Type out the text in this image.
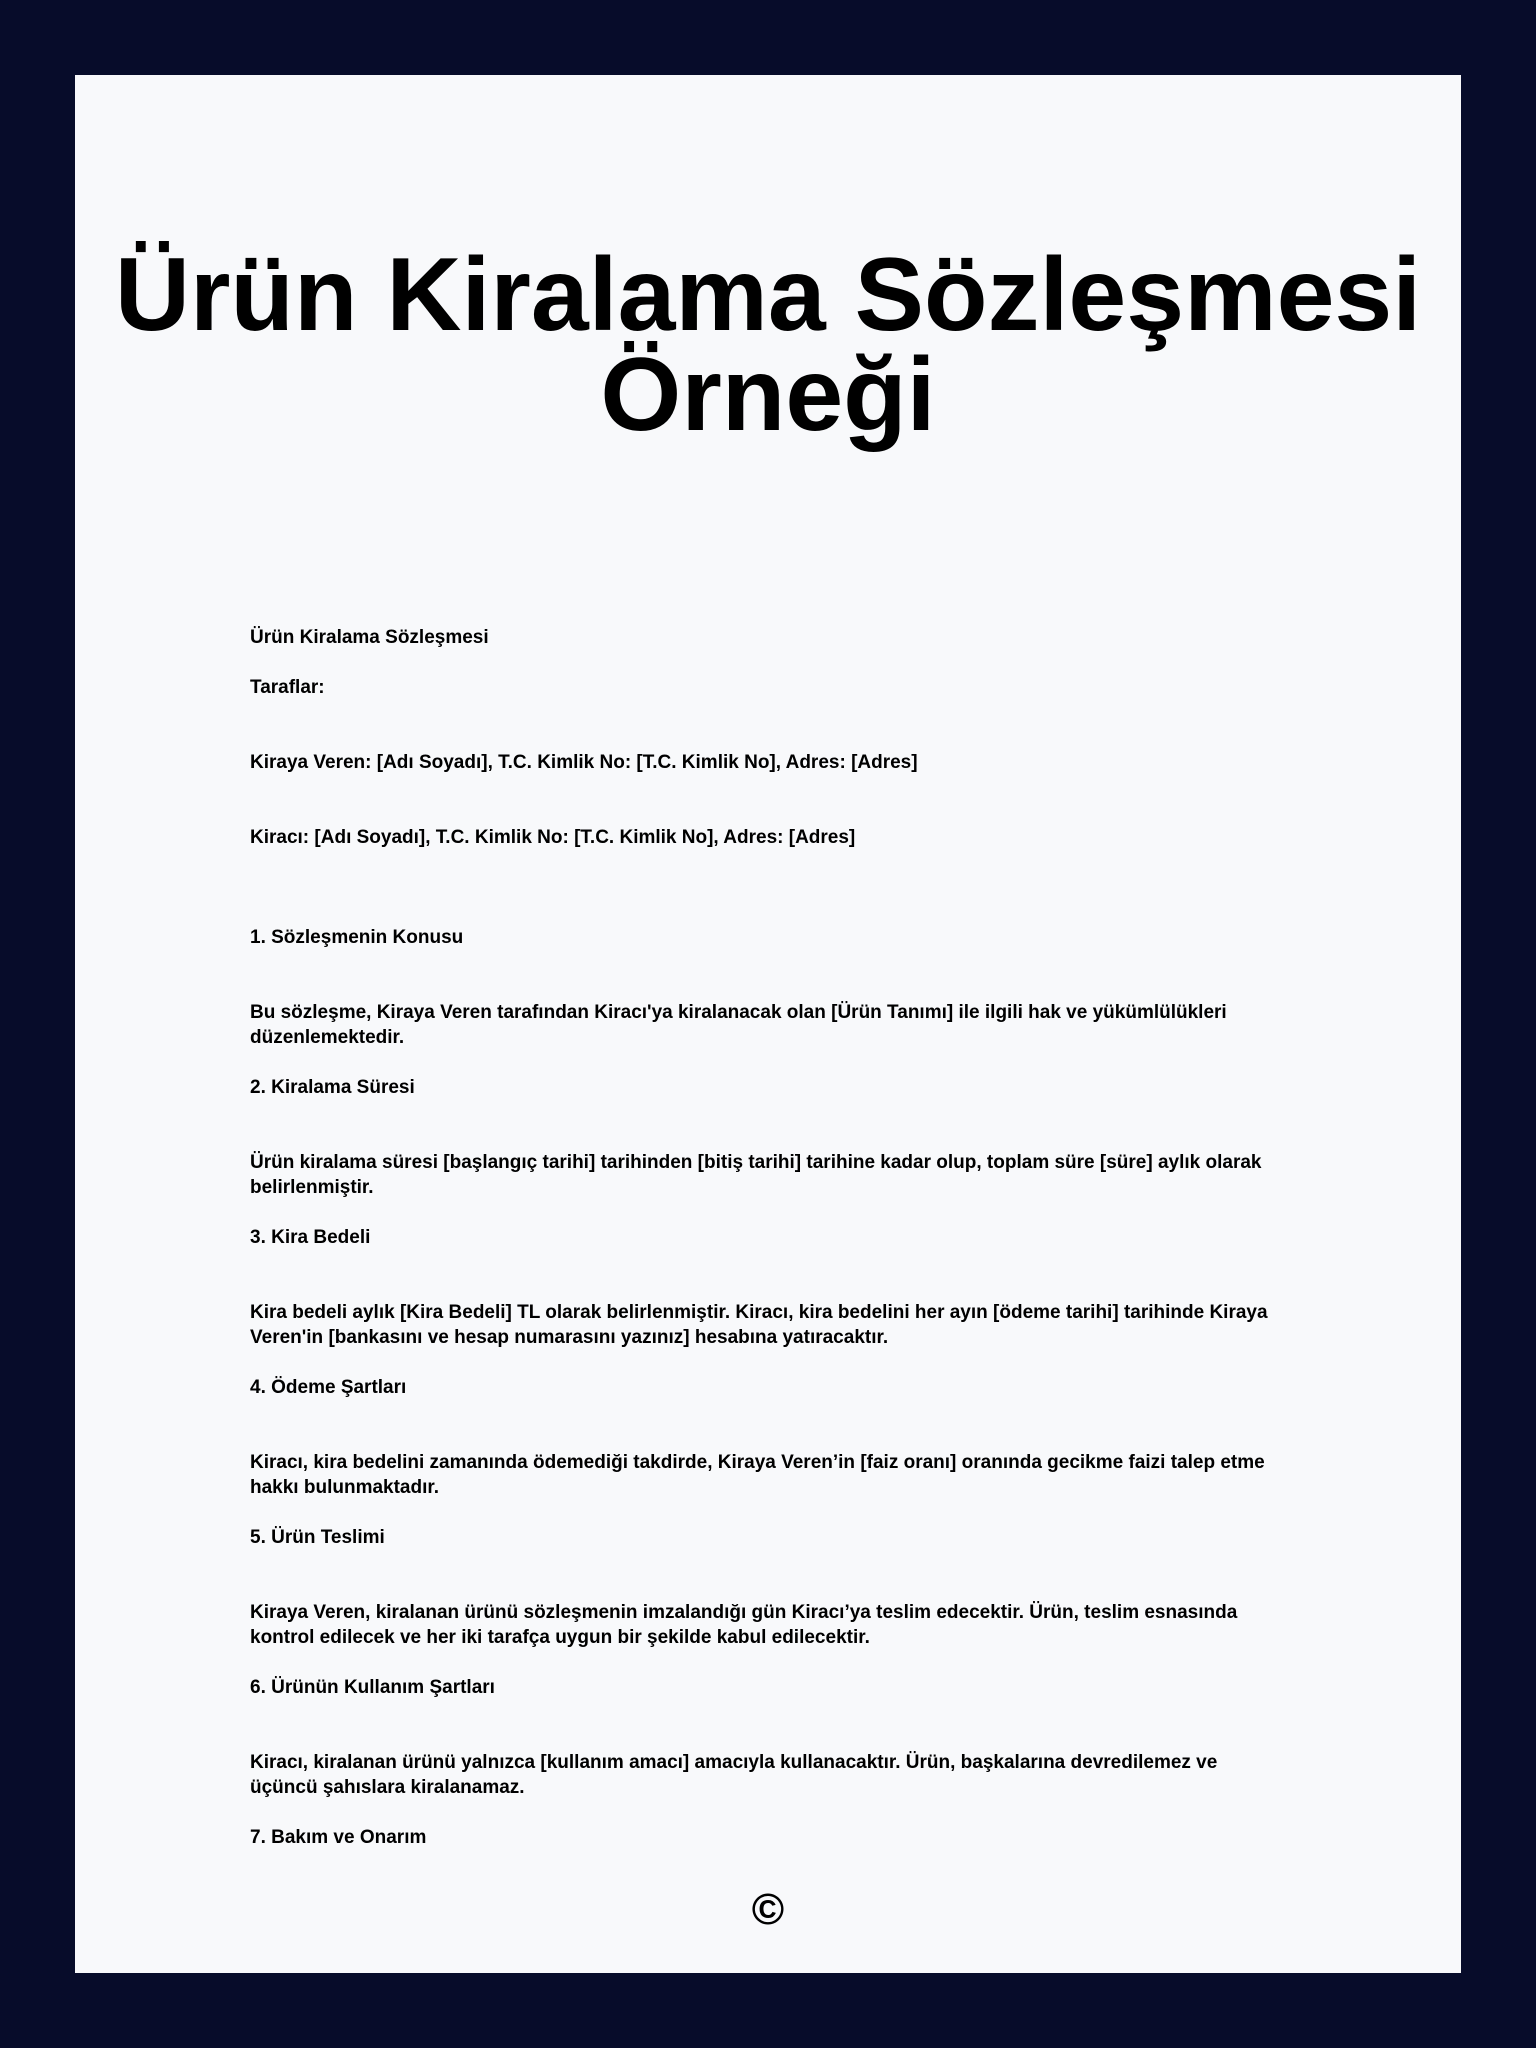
Ürün Kiralama Sözleşmesi Örneği

Ürün Kiralama Sözleşmesi

Taraflar:

Kiraya Veren: [Adı Soyadı], T.C. Kimlik No: [T.C. Kimlik No], Adres: [Adres]

Kiracı: [Adı Soyadı], T.C. Kimlik No: [T.C. Kimlik No], Adres: [Adres]

1. Sözleşmenin Konusu

Bu sözleşme, Kiraya Veren tarafından Kiracı'ya kiralanacak olan [Ürün Tanımı] ile ilgili hak ve yükümlülükleri düzenlemektedir.

2. Kiralama Süresi

Ürün kiralama süresi [başlangıç tarihi] tarihinden [bitiş tarihi] tarihine kadar olup, toplam süre [süre] aylık olarak belirlenmiştir.

3. Kira Bedeli

Kira bedeli aylık [Kira Bedeli] TL olarak belirlenmiştir. Kiracı, kira bedelini her ayın [ödeme tarihi] tarihinde Kiraya Veren'in [bankasını ve hesap numarasını yazınız] hesabına yatıracaktır.

4. Ödeme Şartları

Kiracı, kira bedelini zamanında ödemediği takdirde, Kiraya Veren’in [faiz oranı] oranında gecikme faizi talep etme hakkı bulunmaktadır.

5. Ürün Teslimi

Kiraya Veren, kiralanan ürünü sözleşmenin imzalandığı gün Kiracı’ya teslim edecektir. Ürün, teslim esnasında kontrol edilecek ve her iki tarafça uygun bir şekilde kabul edilecektir.

6. Ürünün Kullanım Şartları

Kiracı, kiralanan ürünü yalnızca [kullanım amacı] amacıyla kullanacaktır. Ürün, başkalarına devredilemez ve üçüncü şahıslara kiralanamaz.

7. Bakım ve Onarım

©
